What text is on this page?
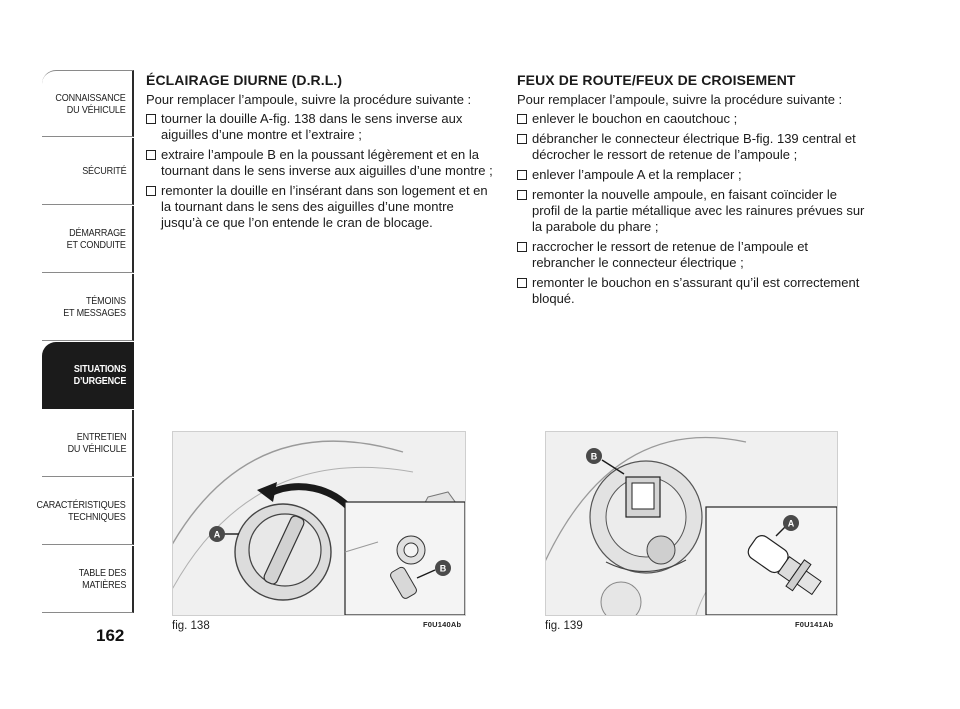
CONNAISSANCE
DU VÉHICULE
SÉCURITÉ
DÉMARRAGE
ET CONDUITE
TÉMOINS
ET MESSAGES
SITUATIONS
D’URGENCE
ENTRETIEN
DU VÉHICULE
CARACTÉRISTIQUES
TECHNIQUES
TABLE DES
MATIÈRES
162
ÉCLAIRAGE DIURNE (D.R.L.)
Pour remplacer l’ampoule, suivre la procédure suivante :
tourner la douille A-fig. 138 dans le sens inverse aux aiguilles d’une montre et l’extraire ;
extraire l’ampoule B en la poussant légèrement et en la tournant dans le sens inverse aux aiguilles d’une montre ;
remonter la douille en l’insérant dans son logement et en la tournant dans le sens des aiguilles d’une montre jusqu’à ce que l’on entende le cran de blocage.
FEUX DE ROUTE/FEUX DE CROISEMENT
Pour remplacer l’ampoule, suivre la procédure suivante :
enlever le bouchon en caoutchouc ;
débrancher le connecteur électrique B-fig. 139 central et décrocher le ressort de retenue de l’ampoule ;
enlever l’ampoule A et la remplacer ;
remonter la nouvelle ampoule, en faisant coïncider le profil de la partie métallique avec les rainures prévues sur la parabole du phare ;
raccrocher le ressort de retenue de l’ampoule et rebrancher le connecteur électrique ;
remonter le bouchon en s’assurant qu’il est correctement bloqué.
A
B
fig. 138	F0U140Ab
B
A
fig. 139	F0U141Ab
